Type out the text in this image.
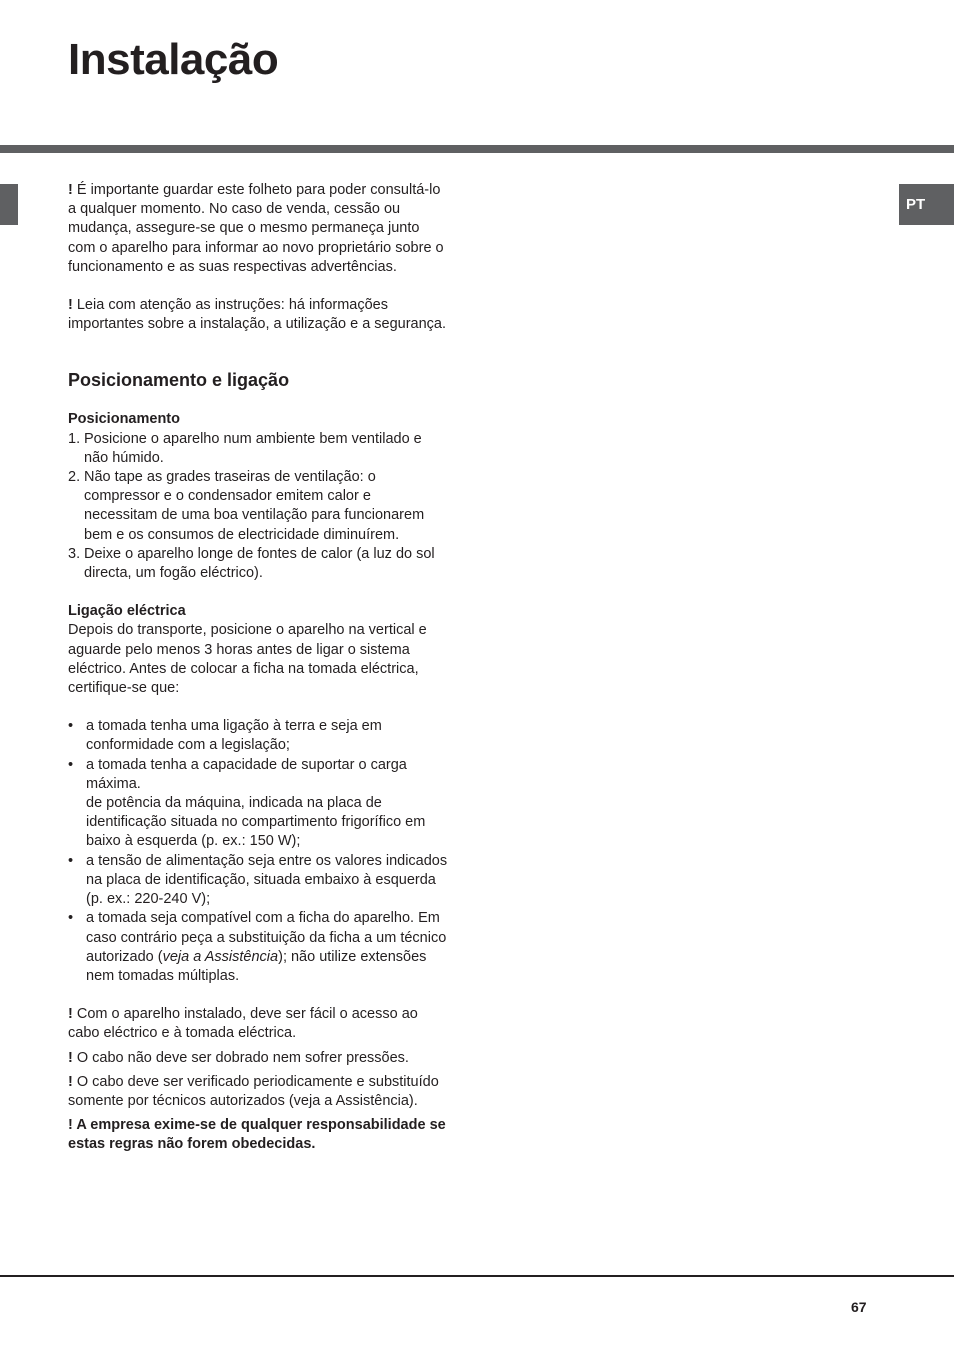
Instalação
PT

! É importante guardar este folheto para poder consultá-lo a qualquer momento. No caso de venda, cessão ou mudança, assegure-se que o mesmo permaneça junto com o aparelho para informar ao novo proprietário sobre o funcionamento e as suas respectivas advertências.

! Leia com atenção as instruções: há informações importantes sobre a instalação, a utilização e a segurança.

Posicionamento e ligação

Posicionamento

1. Posicione o aparelho num ambiente bem ventilado e não húmido.
2. Não tape as grades traseiras de ventilação: o compressor e o condensador emitem calor e necessitam de uma boa ventilação para funcionarem bem e os consumos de electricidade diminuírem.
3. Deixe o aparelho longe de fontes de calor (a luz do sol directa, um fogão eléctrico).

Ligação eléctrica

Depois do transporte, posicione o aparelho na vertical e aguarde pelo menos 3 horas antes de ligar o sistema eléctrico. Antes de colocar a ficha na tomada eléctrica, certifique-se que:

• a tomada tenha uma ligação à terra e seja em conformidade com a legislação;
• a tomada tenha a capacidade de suportar o carga máxima.
de potência da máquina, indicada na placa de identificação situada no compartimento frigorífico em baixo à esquerda (p. ex.: 150 W);
• a tensão de alimentação seja entre os valores indicados na placa de identificação, situada embaixo à esquerda (p. ex.: 220-240 V);
• a tomada seja compatível com a ficha do aparelho. Em caso contrário peça a substituição da ficha a um técnico autorizado (veja a Assistência); não utilize extensões nem tomadas múltiplas.

! Com o aparelho instalado, deve ser fácil o acesso ao cabo eléctrico e à tomada eléctrica.

! O cabo não deve ser dobrado nem sofrer pressões.

! O cabo deve ser verificado periodicamente e substituído somente por técnicos autorizados (veja a Assistência).

! A empresa exime-se de qualquer responsabilidade se estas regras não forem obedecidas.

67
